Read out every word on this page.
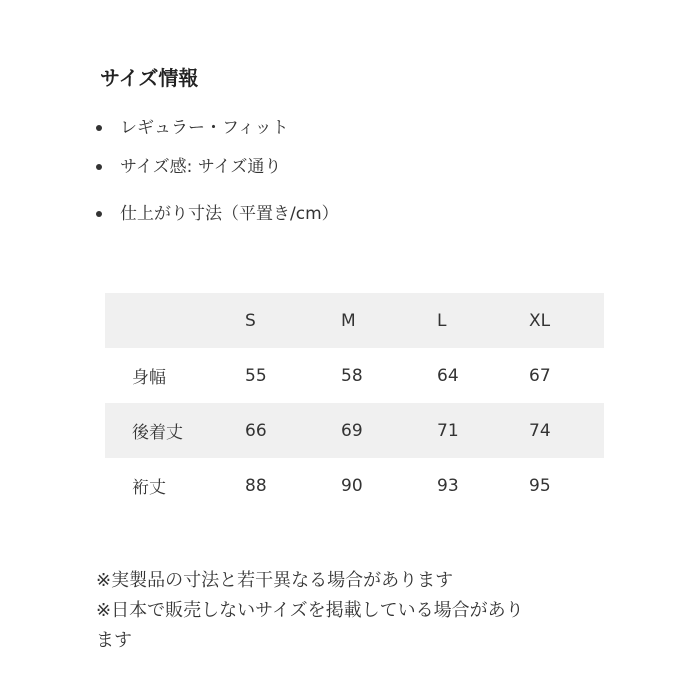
サイズ情報
レギュラー・フィット
サイズ感: サイズ通り
仕上がり寸法（平置き/cm）
	S	M	L	XL
身幅	55	58	64	67
後着丈	66	69	71	74
裄丈	88	90	93	95

※実製品の寸法と若干異なる場合があります

※日本で販売しないサイズを掲載している場合があります
